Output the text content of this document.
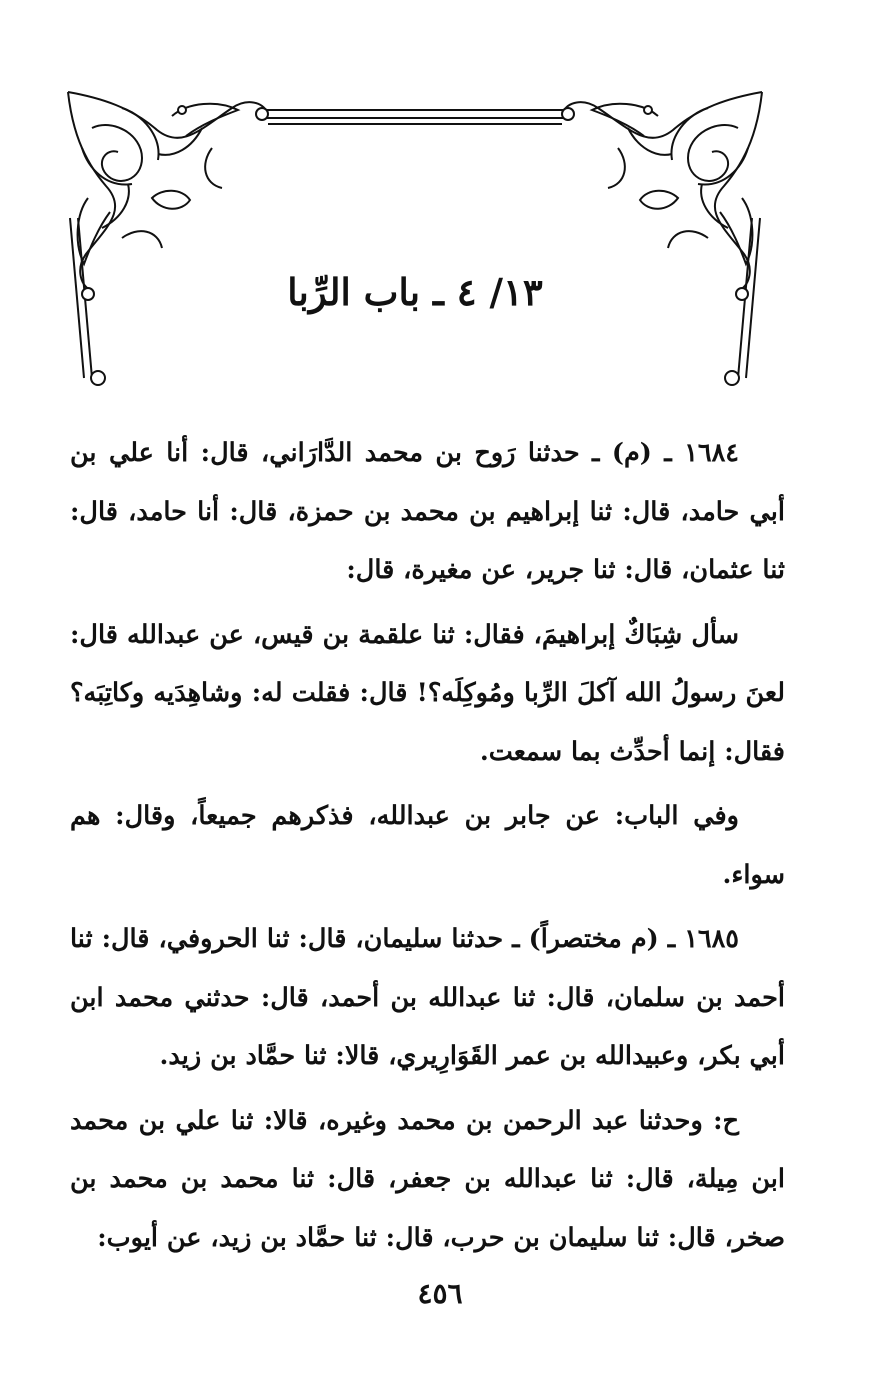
١٣/ ٤ ـ باب الرِّبا

١٦٨٤ ـ (م) ـ حدثنا رَوح بن محمد الدَّارَاني، قال: أنا علي بن أبي حامد، قال: ثنا إبراهيم بن محمد بن حمزة، قال: أنا حامد، قال: ثنا عثمان، قال: ثنا جرير، عن مغيرة، قال:

سأل شِبَاكٌ إبراهيمَ، فقال: ثنا علقمة بن قيس، عن عبدالله قال: لعنَ رسولُ الله آكلَ الرِّبا ومُوكِلَه؟! قال: فقلت له: وشاهِدَيه وكاتِبَه؟ فقال: إنما أحدِّث بما سمعت.

وفي الباب: عن جابر بن عبدالله، فذكرهم جميعاً، وقال: هم سواء.

١٦٨٥ ـ (م مختصراً) ـ حدثنا سليمان، قال: ثنا الحروفي، قال: ثنا أحمد بن سلمان، قال: ثنا عبدالله بن أحمد، قال: حدثني محمد ابن أبي بكر، وعبيدالله بن عمر القَوَارِيري، قالا: ثنا حمَّاد بن زيد.

ح: وحدثنا عبد الرحمن بن محمد وغيره، قالا: ثنا علي بن محمد ابن مِيلة، قال: ثنا عبدالله بن جعفر، قال: ثنا محمد بن محمد بن صخر، قال: ثنا سليمان بن حرب، قال: ثنا حمَّاد بن زيد، عن أيوب:

٤٥٦
